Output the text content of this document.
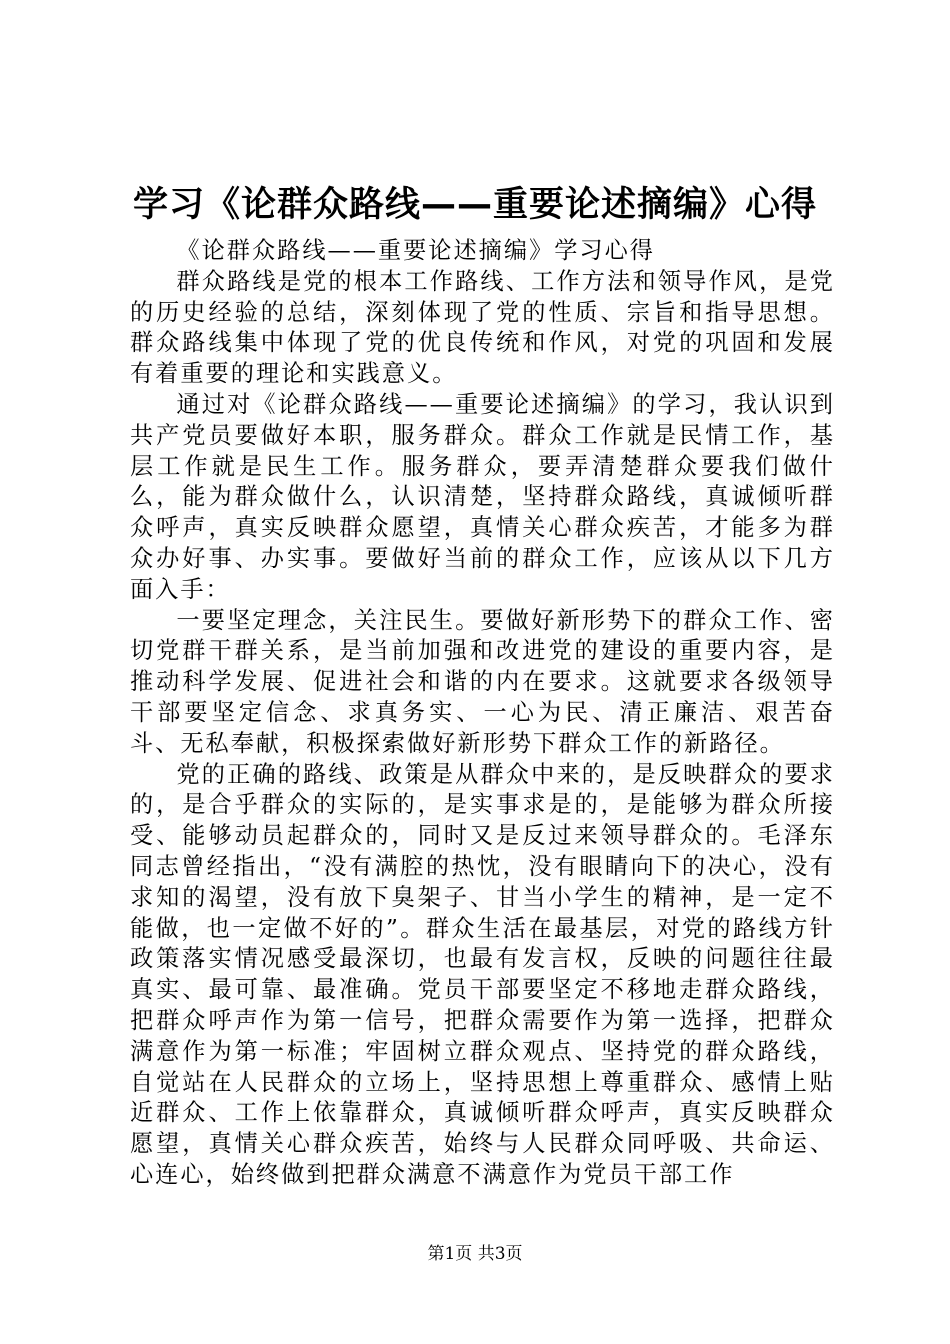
学习《论群众路线——重要论述摘编》心得

《论群众路线——重要论述摘编》学习心得

群众路线是党的根本工作路线、工作方法和领导作风，是党的历史经验的总结，深刻体现了党的性质、宗旨和指导思想。群众路线集中体现了党的优良传统和作风，对党的巩固和发展有着重要的理论和实践意义。

通过对《论群众路线——重要论述摘编》的学习，我认识到共产党员要做好本职，服务群众。群众工作就是民情工作，基层工作就是民生工作。服务群众，要弄清楚群众要我们做什么，能为群众做什么，认识清楚，坚持群众路线，真诚倾听群众呼声，真实反映群众愿望，真情关心群众疾苦，才能多为群众办好事、办实事。要做好当前的群众工作，应该从以下几方面入手：

一要坚定理念，关注民生。要做好新形势下的群众工作、密切党群干群关系，是当前加强和改进党的建设的重要内容，是推动科学发展、促进社会和谐的内在要求。这就要求各级领导干部要坚定信念、求真务实、一心为民、清正廉洁、艰苦奋斗、无私奉献，积极探索做好新形势下群众工作的新路径。

党的正确的路线、政策是从群众中来的，是反映群众的要求的，是合乎群众的实际的，是实事求是的，是能够为群众所接受、能够动员起群众的，同时又是反过来领导群众的。毛泽东同志曾经指出，“没有满腔的热忱，没有眼睛向下的决心，没有求知的渴望，没有放下臭架子、甘当小学生的精神，是一定不能做，也一定做不好的”。群众生活在最基层，对党的路线方针政策落实情况感受最深切，也最有发言权，反映的问题往往最真实、最可靠、最准确。党员干部要坚定不移地走群众路线，把群众呼声作为第一信号，把群众需要作为第一选择，把群众满意作为第一标准；牢固树立群众观点、坚持党的群众路线，自觉站在人民群众的立场上，坚持思想上尊重群众、感情上贴近群众、工作上依靠群众，真诚倾听群众呼声，真实反映群众愿望，真情关心群众疾苦，始终与人民群众同呼吸、共命运、心连心，始终做到把群众满意不满意作为党员干部工作

第1页 共3页
